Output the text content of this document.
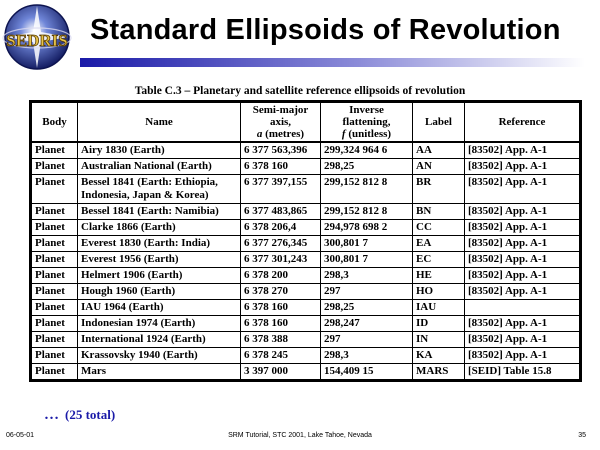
SEDRIS Standard Ellipsoids of Revolution
Table C.3 – Planetary and satellite reference ellipsoids of revolution
Body	Name	Semi-major
axis,
a (metres)	Inverse
flattening,
f (unitless)	Label	Reference
Planet	Airy 1830 (Earth)	6 377 563,396	299,324 964 6	AA	[83502] App. A-1
Planet	Australian National (Earth)	6 378 160	298,25	AN	[83502] App. A-1
Planet	Bessel 1841 (Earth: Ethiopia, Indonesia, Japan & Korea)	6 377 397,155	299,152 812 8	BR	[83502] App. A-1
Planet	Bessel 1841 (Earth: Namibia)	6 377 483,865	299,152 812 8	BN	[83502] App. A-1
Planet	Clarke 1866 (Earth)	6 378 206,4	294,978 698 2	CC	[83502] App. A-1
Planet	Everest 1830 (Earth: India)	6 377 276,345	300,801 7	EA	[83502] App. A-1
Planet	Everest 1956 (Earth)	6 377 301,243	300,801 7	EC	[83502] App. A-1
Planet	Helmert 1906 (Earth)	6 378 200	298,3	HE	[83502] App. A-1
Planet	Hough 1960 (Earth)	6 378 270	297	HO	[83502] App. A-1
Planet	IAU 1964 (Earth)	6 378 160	298,25	IAU	
Planet	Indonesian 1974 (Earth)	6 378 160	298,247	ID	[83502] App. A-1
Planet	International 1924 (Earth)	6 378 388	297	IN	[83502] App. A-1
Planet	Krassovsky 1940 (Earth)	6 378 245	298,3	KA	[83502] App. A-1
Planet	Mars	3 397 000	154,409 15	MARS	[SEID] Table 15.8
… (25 total)
06-05-01	SRM Tutorial, STC 2001, Lake Tahoe, Nevada	35
